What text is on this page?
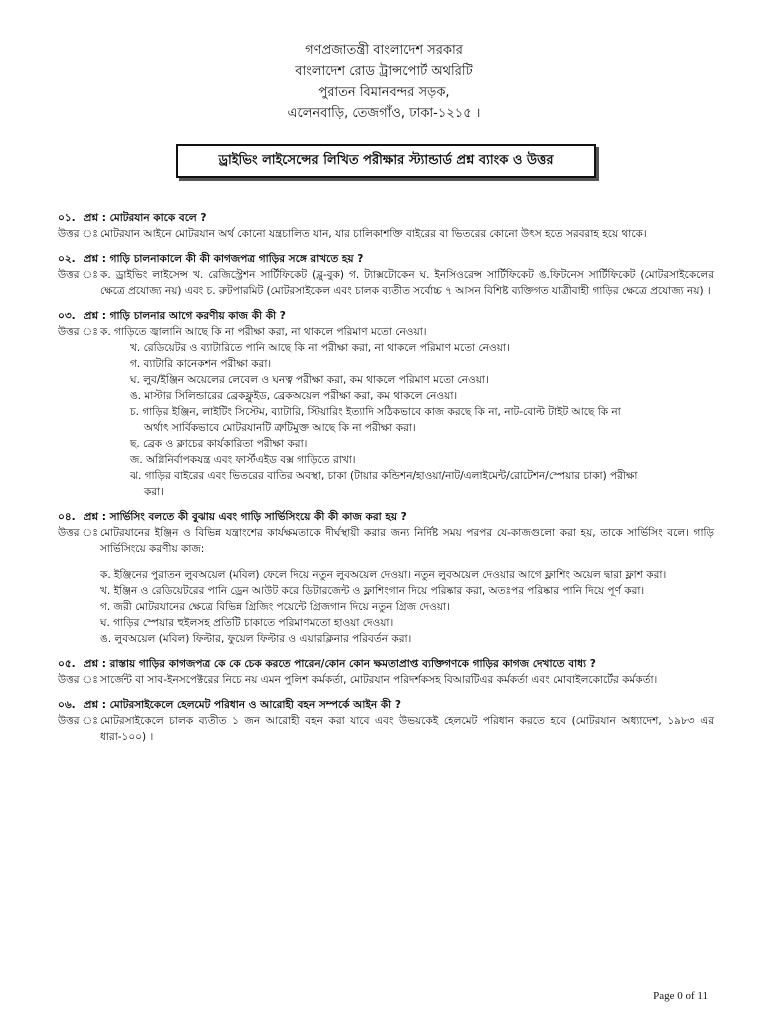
গণপ্রজাতন্ত্রী বাংলাদেশ সরকার
বাংলাদেশ রোড ট্রান্সপোর্ট অথরিটি
পুরাতন বিমানবন্দর সড়ক,
এলেনবাড়ি, তেজগাঁও, ঢাকা-১২১৫ ।
ড্রাইভিং লাইসেন্সের লিখিত পরীক্ষার স্ট্যান্ডার্ড প্রশ্ন ব্যাংক ও উত্তর
০১. প্রশ্ন : মোটরযান কাকে বলে ?
উত্তর ঃ মোটরযান আইনে মোটরযান অর্থ কোনো যন্ত্রচালিত যান, যার চালিকাশক্তি বাইরের বা ভিতরের কোনো উৎস হতে সরবরাহ হয়ে থাকে।
০২. প্রশ্ন : গাড়ি চালনাকালে কী কী কাগজপত্র গাড়ির সঙ্গে রাখতে হয় ?
উত্তর ঃ ক. ড্রাইভিং লাইসেন্স খ. রেজিস্ট্রেশন সার্টিফিকেট (ব্লু-বুক) গ. ট্যাক্সটোকেন ঘ. ইনসিওরেন্স সার্টিফিকেট ঙ.ফিটনেস সার্টিফিকেট (মোটরসাইকেলের ক্ষেত্রে প্রযোজ্য নয়) এবং চ. রুটপারমিট (মোটরসাইকেল এবং চালক ব্যতীত সর্বোচ্চ ৭ আসন বিশিষ্ট ব্যক্তিগত যাত্রীবাহী গাড়ির ক্ষেত্রে প্রযোজ্য নয়) ।
০৩. প্রশ্ন : গাড়ি চালনার আগে করণীয় কাজ কী কী ?
উত্তর ঃ ক. গাড়িতে জ্বালানি আছে কি না পরীক্ষা করা, না থাকলে পরিমাণ মতো নেওয়া।
খ. রেডিয়েটর ও ব্যাটারিতে পানি আছে কি না পরীক্ষা করা, না থাকলে পরিমাণ মতো নেওয়া।
গ. ব্যাটারি কানেকশন পরীক্ষা করা।
ঘ. লুব/ইঞ্জিন অয়েলের লেবেল ও ঘনত্ব পরীক্ষা করা, কম থাকলে পরিমাণ মতো নেওয়া।
ঙ. মাস্টার সিলিন্ডারের ব্রেকফ্লুইড, ব্রেকঅয়েল পরীক্ষা করা, কম থাকলে নেওয়া।
চ. গাড়ির ইঞ্জিন, লাইটিং সিস্টেম, ব্যাটারি, স্টিয়ারিং ইত্যাদি সঠিকভাবে কাজ করছে কি না, নাট-বোল্ট টাইট আছে কি না
অর্থাৎ সার্বিকভাবে মোটরযানটি ত্রুটিমুক্ত আছে কি না পরীক্ষা করা।
ছ. ব্রেক ও ক্লাচের কার্যকারিতা পরীক্ষা করা।
জ. অগ্নিনির্বাপকযন্ত্র এবং ফার্স্টএইড বক্স গাড়িতে রাখা।
ঝ. গাড়ির বাইরের এবং ভিতরের বাতির অবস্থা, চাকা (টায়ার কন্ডিশন/হাওয়া/নাট/এলাইমেন্ট/রোটেশন/স্পেয়ার চাকা) পরীক্ষা
করা।
০৪. প্রশ্ন : সার্ভিসিং বলতে কী বুঝায় এবং গাড়ি সার্ভিসিংয়ে কী কী কাজ করা হয় ?
উত্তর ঃ মোটরযানের ইঞ্জিন ও বিভিন্ন যন্ত্রাংশের কার্যক্ষমতাকে দীর্ঘস্থায়ী করার জন্য নির্দিষ্ট সময় পরপর যে-কাজগুলো করা হয়, তাকে সার্ভিসিং বলে। গাড়ি সার্ভিসিংয়ে করণীয় কাজ:
ক. ইঞ্জিনের পুরাতন লুবঅয়েল (মবিল) ফেলে দিয়ে নতুন লুবঅয়েল দেওয়া। নতুন লুবঅয়েল দেওয়ার আগে ফ্লাশিং অয়েল দ্বারা ফ্লাশ করা।
খ. ইঞ্জিন ও রেডিয়েটরের পানি ড্রেন আউট করে ডিটারজেন্ট ও ফ্লাশিংগান দিয়ে পরিষ্কার করা, অতঃপর পরিষ্কার পানি দিয়ে পূর্ণ করা।
গ. জরী মোটরযানের ক্ষেত্রে বিভিন্ন গ্রিজিং পয়েন্টে গ্রিজগান দিয়ে নতুন গ্রিজ দেওয়া।
ঘ. গাড়ির স্পেয়ার হুইলসহ প্রতিটি চাকাতে পরিমাণমতো হাওয়া দেওয়া।
ঙ. লুবঅয়েল (মবিল) ফিল্টার, ফুয়েল ফিল্টার ও এয়ারক্লিনার পরিবর্তন করা।
০৫. প্রশ্ন : রাস্তায় গাড়ির কাগজপত্র কে কে চেক করতে পারেন/কোন কোন ক্ষমতাপ্রাপ্ত ব্যক্তিগণকে গাড়ির কাগজ দেখাতে বাধ্য ?
উত্তর ঃ সার্জেন্ট বা সাব-ইনসপেক্টরের নিচে নয় এমন পুলিশ কর্মকর্তা, মোটরযান পরিদর্শকসহ বিআরটিএর কর্মকর্তা এবং মোবাইলকোর্টের কর্মকর্তা।
০৬. প্রশ্ন : মোটরসাইকেলে হেলমেট পরিধান ও আরোহী বহন সম্পর্কে আইন কী ?
উত্তর ঃ মোটরসাইকেলে চালক ব্যতীত ১ জন আরোহী বহন করা যাবে এবং উভয়কেই হেলমেট পরিধান করতে হবে (মোটরযান অধ্যাদেশ, ১৯৮৩ এর ধারা-১০০) ।
Page 0 of 11
